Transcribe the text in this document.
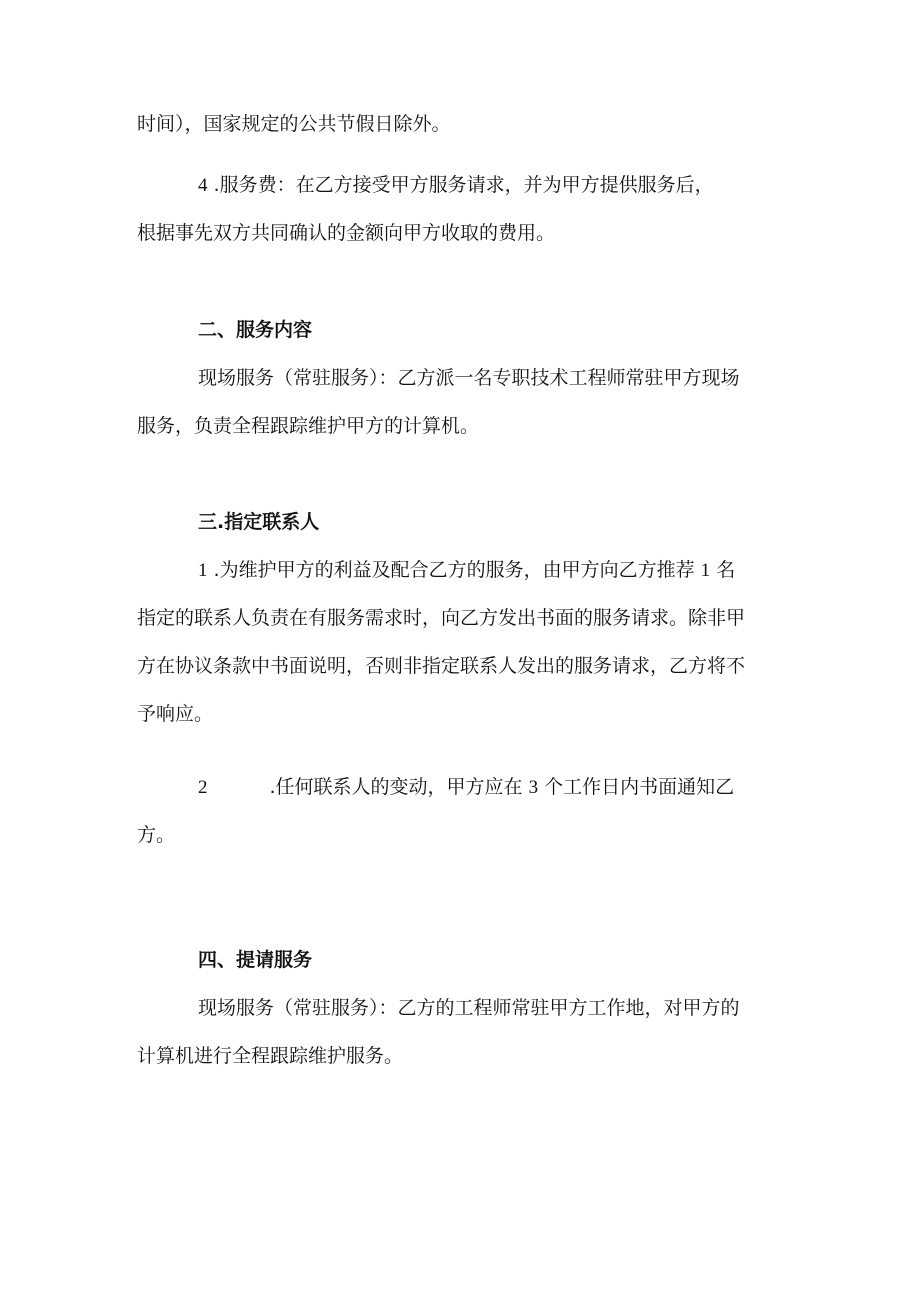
时间），国家规定的公共节假日除外。
4 .服务费：在乙方接受甲方服务请求，并为甲方提供服务后，
根据事先双方共同确认的金额向甲方收取的费用。
二、服务内容
现场服务（常驻服务）：乙方派一名专职技术工程师常驻甲方现场
服务，负责全程跟踪维护甲方的计算机。
三.指定联系人
1 .为维护甲方的利益及配合乙方的服务，由甲方向乙方推荐 1 名
指定的联系人负责在有服务需求时，向乙方发出书面的服务请求。除非甲
方在协议条款中书面说明，否则非指定联系人发出的服务请求，乙方将不
予响应。
2	.任何联系人的变动，甲方应在 3 个工作日内书面通知乙
方。
四、提请服务
现场服务（常驻服务）：乙方的工程师常驻甲方工作地，对甲方的
计算机进行全程跟踪维护服务。
